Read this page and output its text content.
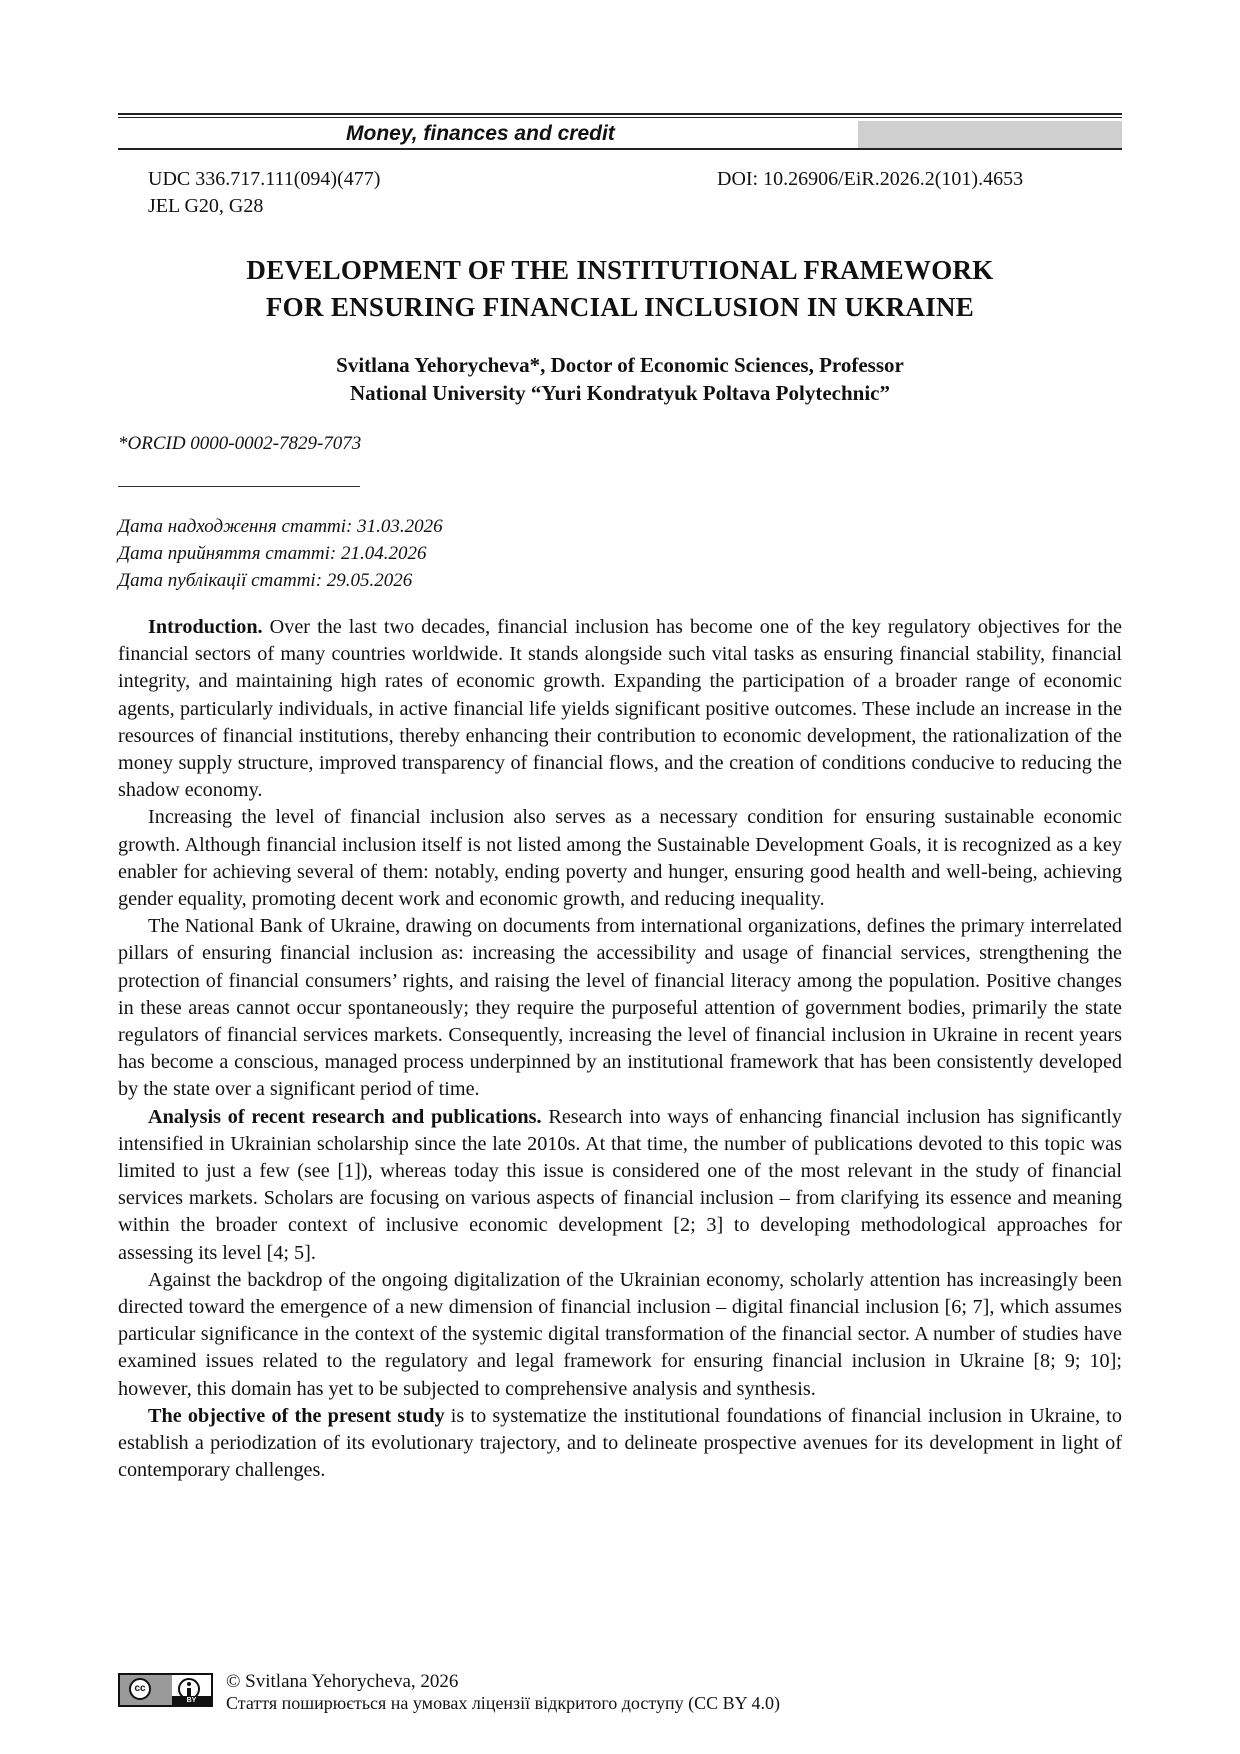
Money, finances and credit
UDC 336.717.111(094)(477)
JEL G20, G28
DOI: 10.26906/EiR.2026.2(101).4653
DEVELOPMENT OF THE INSTITUTIONAL FRAMEWORK
FOR ENSURING FINANCIAL INCLUSION IN UKRAINE
Svitlana Yehorycheva*, Doctor of Economic Sciences, Professor
National University “Yuri Kondratyuk Poltava Polytechnic”
*ORCID 0000-0002-7829-7073
Дата надходження статті: 31.03.2026
Дата прийняття статті: 21.04.2026
Дата публікації статті: 29.05.2026

Introduction. Over the last two decades, financial inclusion has become one of the key regulatory objectives for the financial sectors of many countries worldwide. It stands alongside such vital tasks as ensuring financial stability, financial integrity, and maintaining high rates of economic growth. Expanding the participation of a broader range of economic agents, particularly individuals, in active financial life yields significant positive outcomes. These include an increase in the resources of financial institutions, thereby enhancing their contribution to economic development, the rationalization of the money supply structure, improved transparency of financial flows, and the creation of conditions conducive to reducing the shadow economy.

Increasing the level of financial inclusion also serves as a necessary condition for ensuring sustainable economic growth. Although financial inclusion itself is not listed among the Sustainable Development Goals, it is recognized as a key enabler for achieving several of them: notably, ending poverty and hunger, ensuring good health and well-being, achieving gender equality, promoting decent work and economic growth, and reducing inequality.

The National Bank of Ukraine, drawing on documents from international organizations, defines the primary interrelated pillars of ensuring financial inclusion as: increasing the accessibility and usage of financial services, strengthening the protection of financial consumers’ rights, and raising the level of financial literacy among the population. Positive changes in these areas cannot occur spontaneously; they require the purposeful attention of government bodies, primarily the state regulators of financial services markets. Consequently, increasing the level of financial inclusion in Ukraine in recent years has become a conscious, managed process underpinned by an institutional framework that has been consistently developed by the state over a significant period of time.

Analysis of recent research and publications. Research into ways of enhancing financial inclusion has significantly intensified in Ukrainian scholarship since the late 2010s. At that time, the number of publications devoted to this topic was limited to just a few (see [1]), whereas today this issue is considered one of the most relevant in the study of financial services markets. Scholars are focusing on various aspects of financial inclusion – from clarifying its essence and meaning within the broader context of inclusive economic development [2; 3] to developing methodological approaches for assessing its level [4; 5].

Against the backdrop of the ongoing digitalization of the Ukrainian economy, scholarly attention has increasingly been directed toward the emergence of a new dimension of financial inclusion – digital financial inclusion [6; 7], which assumes particular significance in the context of the systemic digital transformation of the financial sector. A number of studies have examined issues related to the regulatory and legal framework for ensuring financial inclusion in Ukraine [8; 9; 10]; however, this domain has yet to be subjected to comprehensive analysis and synthesis.

The objective of the present study is to systematize the institutional foundations of financial inclusion in Ukraine, to establish a periodization of its evolutionary trajectory, and to delineate prospective avenues for its development in light of contemporary challenges.

cc
BY
© Svitlana Yehorycheva, 2026
Стаття поширюється на умовах ліцензії відкритого доступу (CC BY 4.0)
